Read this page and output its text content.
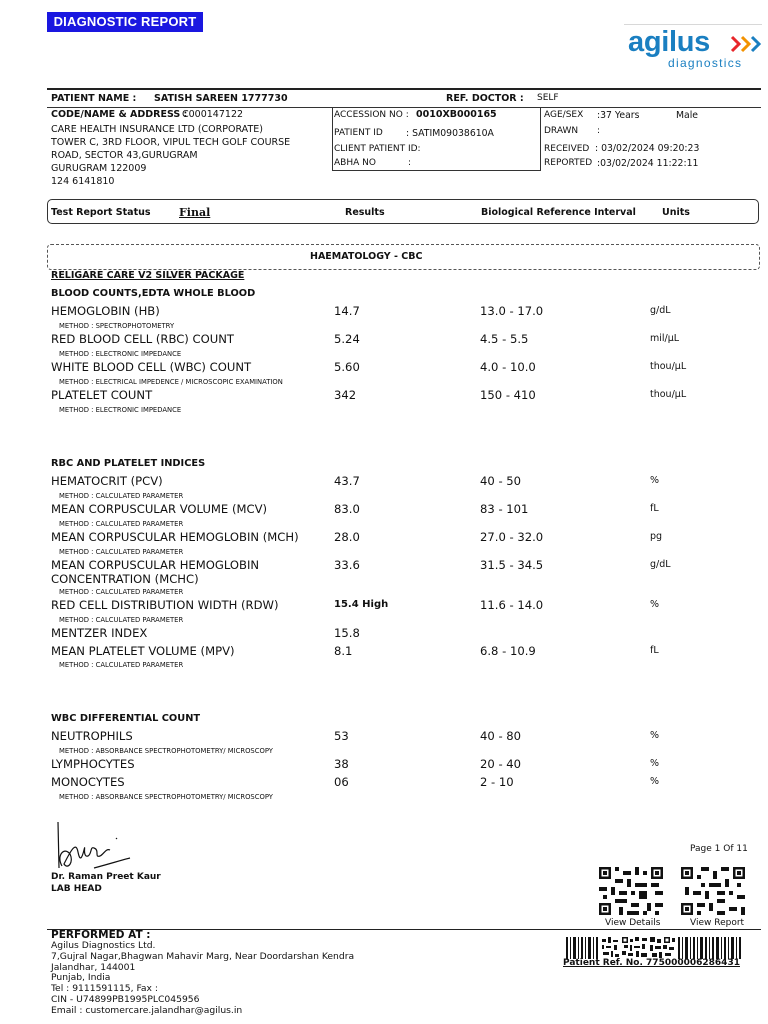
DIAGNOSTIC REPORT
agilus
diagnostics
PATIENT NAME : SATISH SAREEN 1777730	REF. DOCTOR : SELF
CODE/NAME & ADDRESS :
C000147122
CARE HEALTH INSURANCE LTD (CORPORATE)
TOWER C, 3RD FLOOR, VIPUL TECH GOLF COURSE
ROAD, SECTOR 43,GURUGRAM
GURUGRAM 122009
124 6141810
ACCESSION NO : 0010XB000165
PATIENT ID : SATIM09038610A
CLIENT PATIENT ID:
ABHA NO	:
AGE/SEX :37 Years	Male
DRAWN :
RECEIVED : 03/02/2024 09:20:23
REPORTED :03/02/2024 11:22:11
Test Report Status	Final	Results	Biological Reference Interval	Units
HAEMATOLOGY - CBC
RELIGARE CARE V2 SILVER PACKAGE
BLOOD COUNTS,EDTA WHOLE BLOOD
HEMOGLOBIN (HB)	14.7	13.0 - 17.0	g/dL
METHOD : SPECTROPHOTOMETRY
RED BLOOD CELL (RBC) COUNT	5.24	4.5 - 5.5	mil/µL
METHOD : ELECTRONIC IMPEDANCE
WHITE BLOOD CELL (WBC) COUNT	5.60	4.0 - 10.0	thou/µL
METHOD : ELECTRICAL IMPEDENCE / MICROSCOPIC EXAMINATION
PLATELET COUNT	342	150 - 410	thou/µL
METHOD : ELECTRONIC IMPEDANCE
RBC AND PLATELET INDICES
HEMATOCRIT (PCV)	43.7	40 - 50	%
METHOD : CALCULATED PARAMETER
MEAN CORPUSCULAR VOLUME (MCV)	83.0	83 - 101	fL
METHOD : CALCULATED PARAMETER
MEAN CORPUSCULAR HEMOGLOBIN (MCH)	28.0	27.0 - 32.0	pg
METHOD : CALCULATED PARAMETER
MEAN CORPUSCULAR HEMOGLOBIN	33.6	31.5 - 34.5	g/dL
CONCENTRATION (MCHC)
METHOD : CALCULATED PARAMETER
RED CELL DISTRIBUTION WIDTH (RDW)	15.4 High	11.6 - 14.0	%
METHOD : CALCULATED PARAMETER
MENTZER INDEX	15.8
MEAN PLATELET VOLUME (MPV)	8.1	6.8 - 10.9	fL
METHOD : CALCULATED PARAMETER
WBC DIFFERENTIAL COUNT
NEUTROPHILS	53	40 - 80	%
METHOD : ABSORBANCE SPECTROPHOTOMETRY/ MICROSCOPY
LYMPHOCYTES	38	20 - 40	%
MONOCYTES	06	2 - 10	%
METHOD : ABSORBANCE SPECTROPHOTOMETRY/ MICROSCOPY
Dr. Raman Preet Kaur
LAB HEAD
Page 1 Of 11
View Details	View Report
PERFORMED AT :
Agilus Diagnostics Ltd.
7,Gujral Nagar,Bhagwan Mahavir Marg, Near Doordarshan Kendra
Jalandhar, 144001
Punjab, India
Tel : 9111591115, Fax :
CIN - U74899PB1995PLC045956
Email : customercare.jalandhar@agilus.in
Patient Ref. No. 775000006286431
